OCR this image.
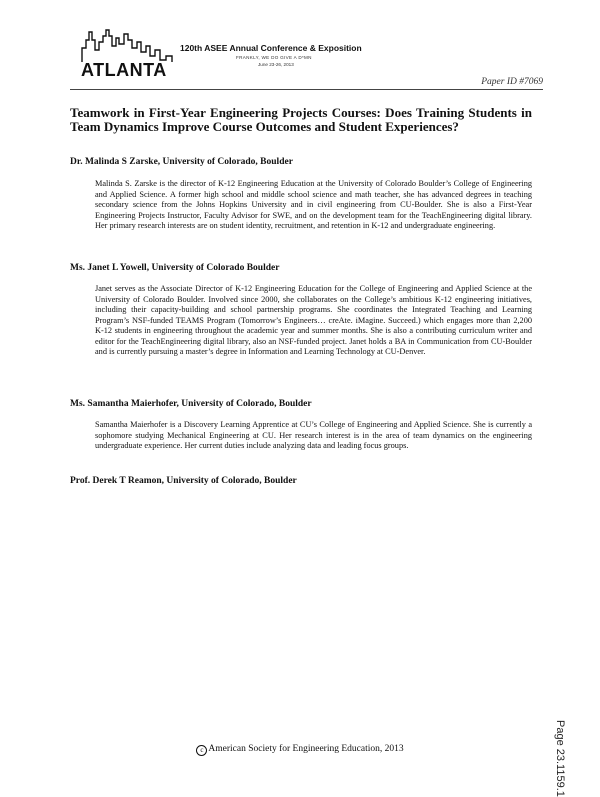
ATLANTA
120th ASEE Annual Conference & Exposition
FRANKLY, WE DO GIVE A D*MN
June 23-26, 2013
Paper ID #7069
Teamwork in First-Year Engineering Projects Courses: Does Training Students in Team Dynamics Improve Course Outcomes and Student Experiences?
Dr. Malinda S Zarske, University of Colorado, Boulder
Malinda S. Zarske is the director of K-12 Engineering Education at the University of Colorado Boulder’s College of Engineering and Applied Science. A former high school and middle school science and math teacher, she has advanced degrees in teaching secondary science from the Johns Hopkins University and in civil engineering from CU-Boulder. She is also a First-Year Engineering Projects Instructor, Faculty Advisor for SWE, and on the development team for the TeachEngineering digital library. Her primary research interests are on student identity, recruitment, and retention in K-12 and undergraduate engineering.
Ms. Janet L Yowell, University of Colorado Boulder
Janet serves as the Associate Director of K-12 Engineering Education for the College of Engineering and Applied Science at the University of Colorado Boulder. Involved since 2000, she collaborates on the College’s ambitious K-12 engineering initiatives, including their capacity-building and school partnership programs. She coordinates the Integrated Teaching and Learning Program’s NSF-funded TEAMS Program (Tomorrow’s Engineers… creAte. iMagine. Succeed.) which engages more than 2,200 K-12 students in engineering throughout the academic year and summer months. She is also a contributing curriculum writer and editor for the TeachEngineering digital library, also an NSF-funded project. Janet holds a BA in Communication from CU-Boulder and is currently pursuing a master’s degree in Information and Learning Technology at CU-Denver.
Ms. Samantha Maierhofer, University of Colorado, Boulder
Samantha Maierhofer is a Discovery Learning Apprentice at CU’s College of Engineering and Applied Science. She is currently a sophomore studying Mechanical Engineering at CU. Her research interest is in the area of team dynamics on the engineering undergraduate experience. Her current duties include analyzing data and leading focus groups.
Prof. Derek T Reamon, University of Colorado, Boulder
c American Society for Engineering Education, 2013	Page 23.1159.1
